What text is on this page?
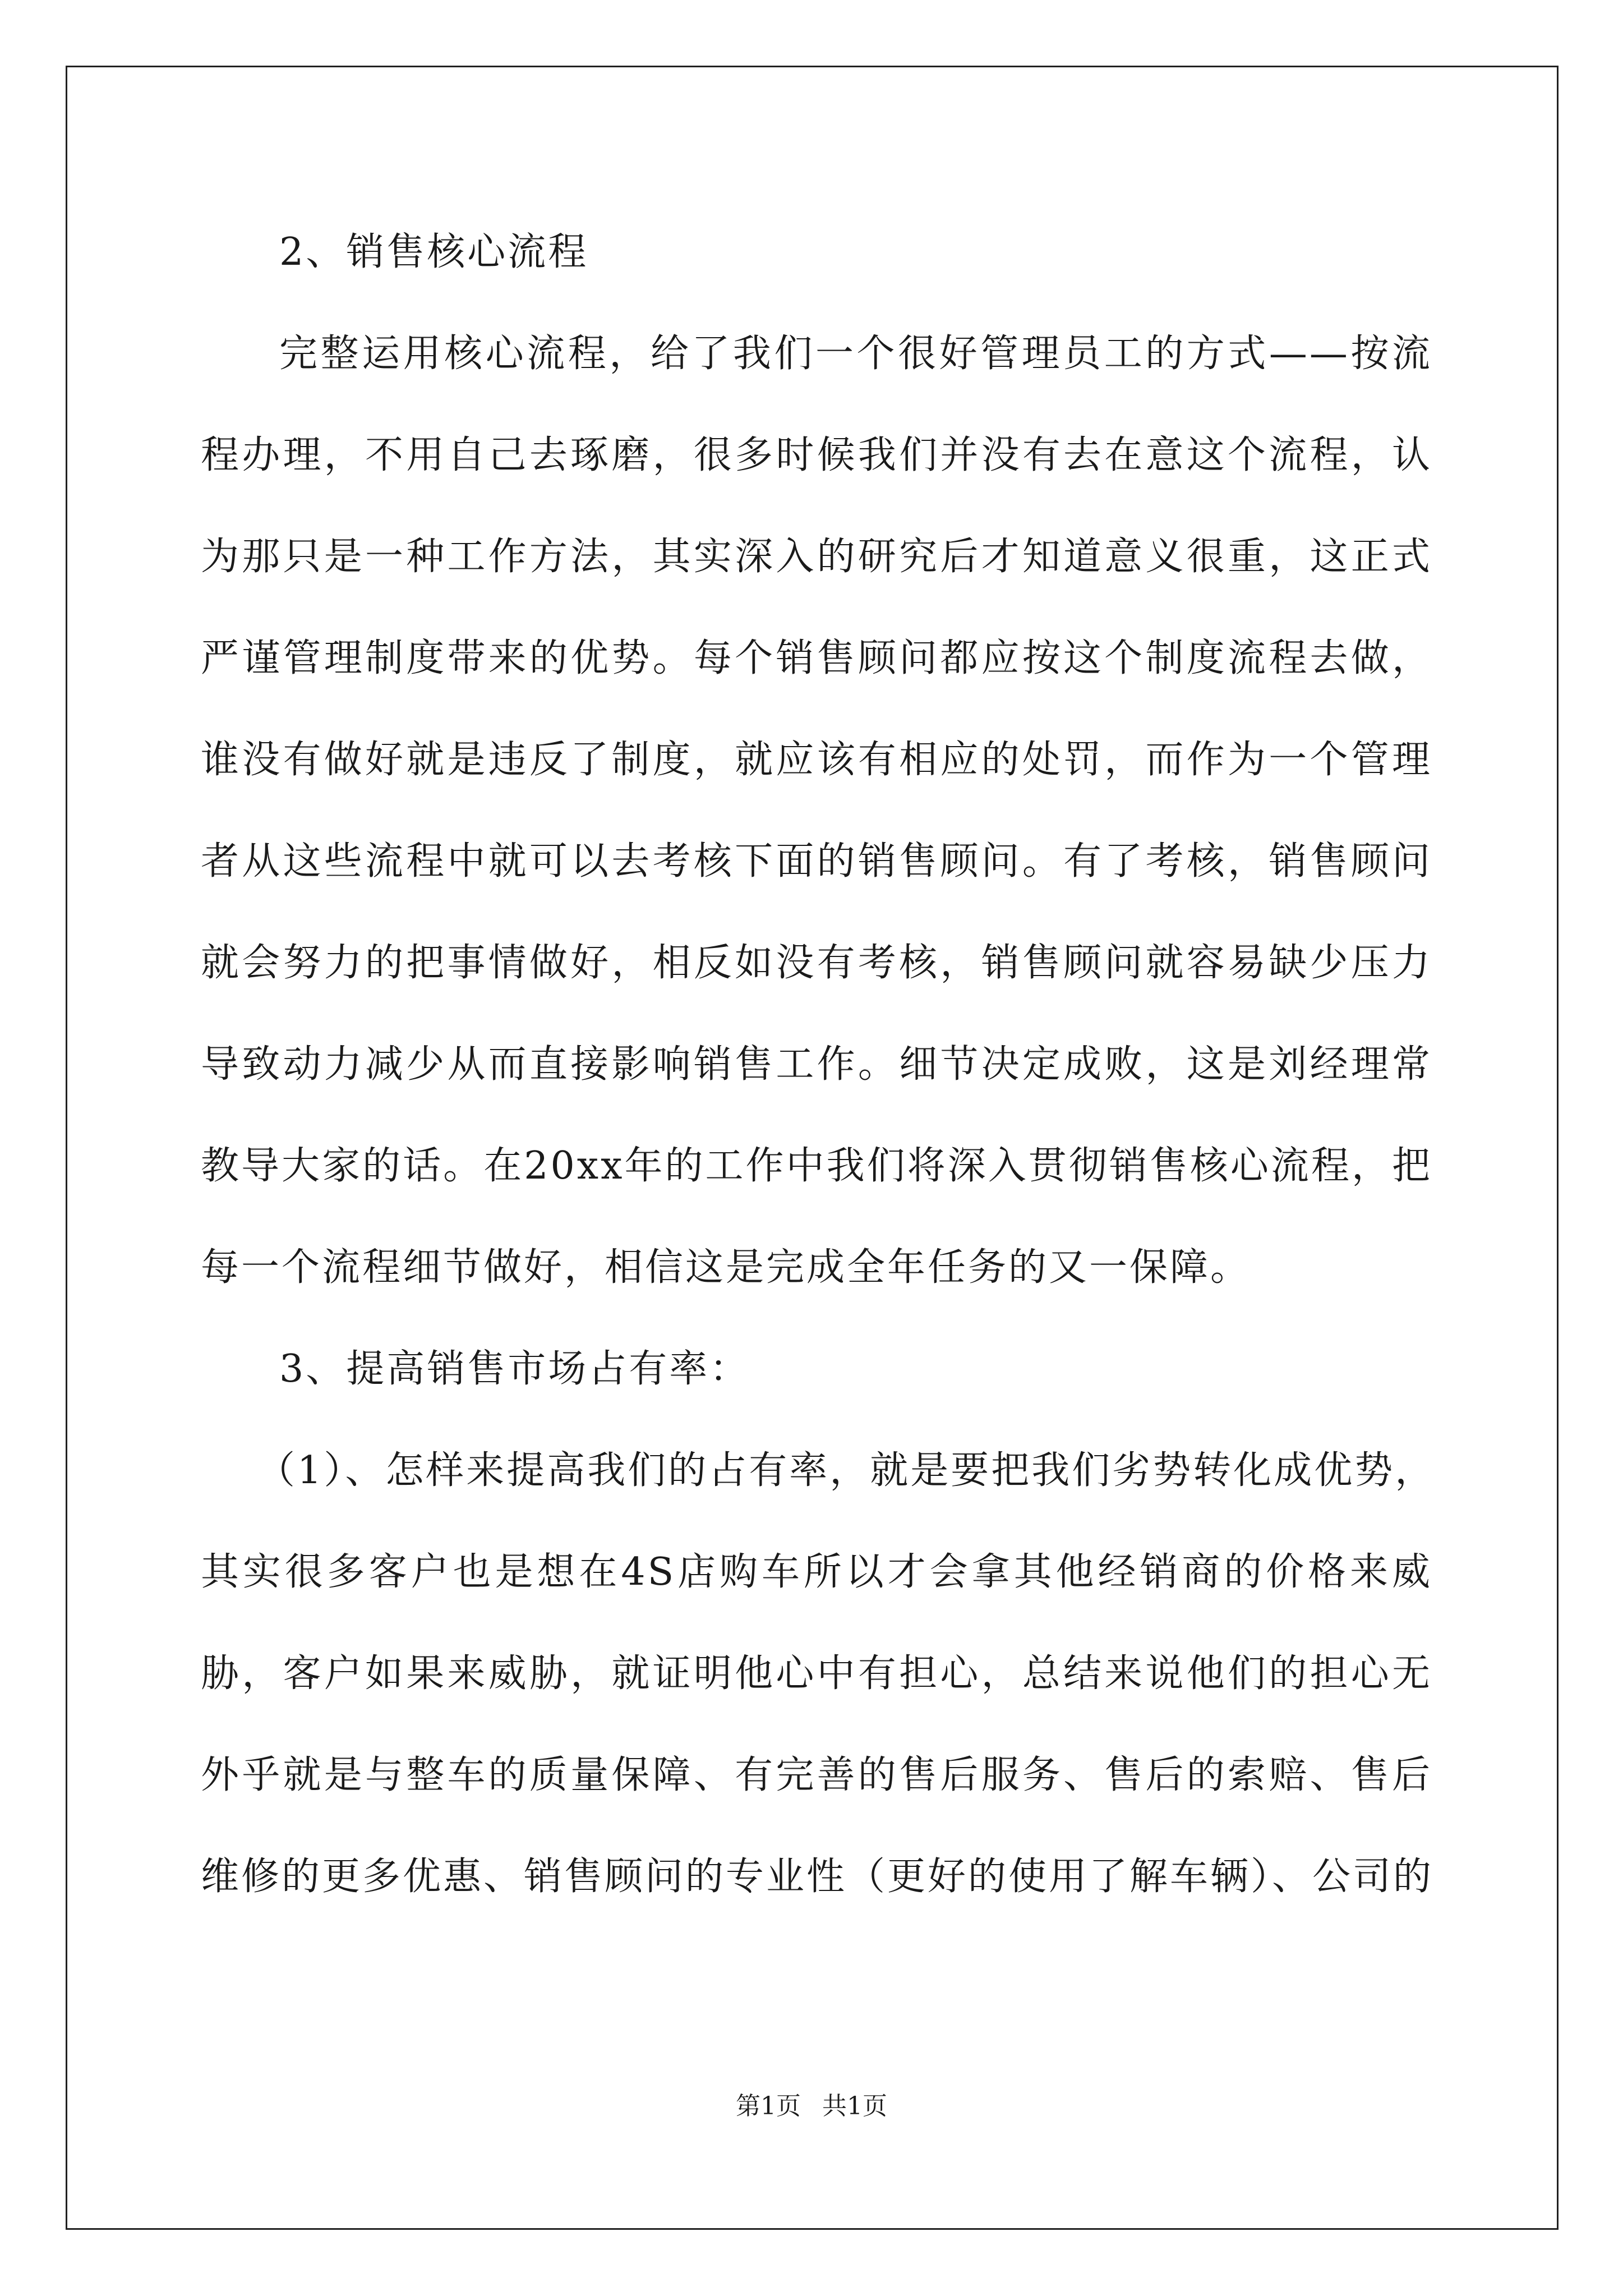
2、销售核心流程
完整运用核心流程，给了我们一个很好管理员工的方式——按流
程办理，不用自己去琢磨，很多时候我们并没有去在意这个流程，认
为那只是一种工作方法，其实深入的研究后才知道意义很重，这正式
严谨管理制度带来的优势。每个销售顾问都应按这个制度流程去做，
谁没有做好就是违反了制度，就应该有相应的处罚，而作为一个管理
者从这些流程中就可以去考核下面的销售顾问。有了考核，销售顾问
就会努力的把事情做好，相反如没有考核，销售顾问就容易缺少压力
导致动力减少从而直接影响销售工作。细节决定成败，这是刘经理常
教导大家的话。在20xx年的工作中我们将深入贯彻销售核心流程，把
每一个流程细节做好，相信这是完成全年任务的又一保障。
3、提高销售市场占有率：
（1）、怎样来提高我们的占有率，就是要把我们劣势转化成优势，
其实很多客户也是想在4S店购车所以才会拿其他经销商的价格来威
胁，客户如果来威胁，就证明他心中有担心，总结来说他们的担心无
外乎就是与整车的质量保障、有完善的售后服务、售后的索赔、售后
维修的更多优惠、销售顾问的专业性（更好的使用了解车辆）、公司的
第1页 共1页
